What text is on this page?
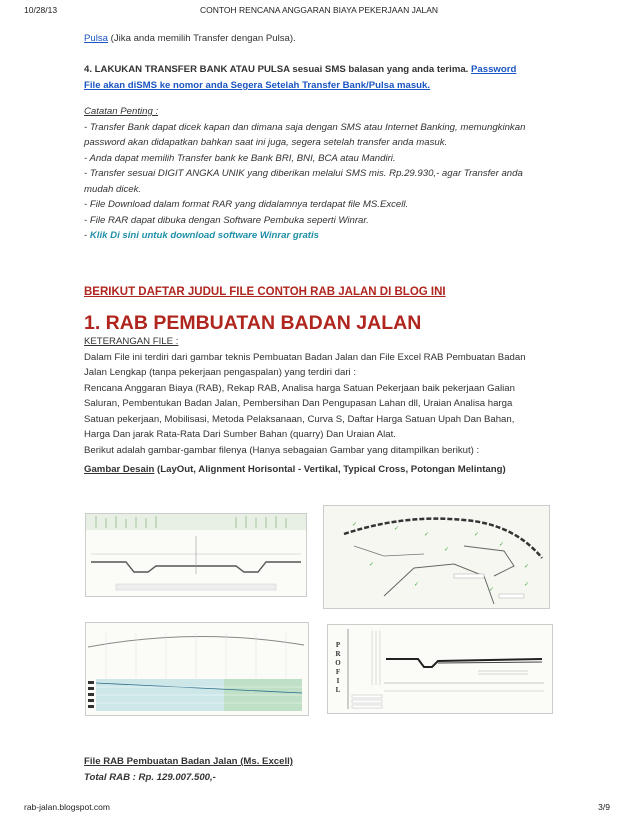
10/28/13	CONTOH RENCANA ANGGARAN BIAYA PEKERJAAN JALAN

Pulsa (Jika anda memilih Transfer dengan Pulsa).

4. LAKUKAN TRANSFER BANK ATAU PULSA sesuai SMS balasan yang anda terima. Password
File akan diSMS ke nomor anda Segera Setelah Transfer Bank/Pulsa masuk.

Catatan Penting :

- Transfer Bank dapat dicek kapan dan dimana saja dengan SMS atau Internet Banking, memungkinkan

password akan didapatkan bahkan saat ini juga, segera setelah transfer anda masuk.

- Anda dapat memilih Transfer bank ke Bank BRI, BNI, BCA atau Mandiri.

- Transfer sesuai DIGIT ANGKA UNIK yang diberikan melalui SMS mis. Rp.29.930,- agar Transfer anda

mudah dicek.

- File Download dalam format RAR yang didalamnya terdapat file MS.Excell.

- File RAR dapat dibuka dengan Software Pembuka seperti Winrar.

- Klik Di sini untuk download software Winrar gratis

BERIKUT DAFTAR JUDUL FILE CONTOH RAB JALAN DI BLOG INI
1. RAB PEMBUATAN BADAN JALAN

KETERANGAN FILE :

Dalam File ini terdiri dari gambar teknis Pembuatan Badan Jalan dan File Excel RAB Pembuatan Badan

Jalan Lengkap (tanpa pekerjaan pengaspalan) yang terdiri dari :

Rencana Anggaran Biaya (RAB), Rekap RAB, Analisa harga Satuan Pekerjaan baik pekerjaan Galian

Saluran, Pembentukan Badan Jalan, Pembersihan Dan Pengupasan Lahan dll, Uraian Analisa harga

Satuan pekerjaan, Mobilisasi, Metoda Pelaksanaan, Curva S, Daftar Harga Satuan Upah Dan Bahan,

Harga Dan jarak Rata-Rata Dari Sumber Bahan (quarry) Dan Uraian Alat.

Berikut adalah gambar-gambar filenya (Hanya sebagaian Gambar yang ditampilkan berikut) :

Gambar Desain (LayOut, Alignment Horisontal - Vertikal, Typical Cross, Potongan Melintang)

✓
✓
✓	✓
✓
✓
✓
✓
✓
✓
✓
P
R
O
F
I
L

File RAB Pembuatan Badan Jalan (Ms. Excell)

Total RAB : Rp. 129.007.500,-

rab-jalan.blogspot.com	3/9
